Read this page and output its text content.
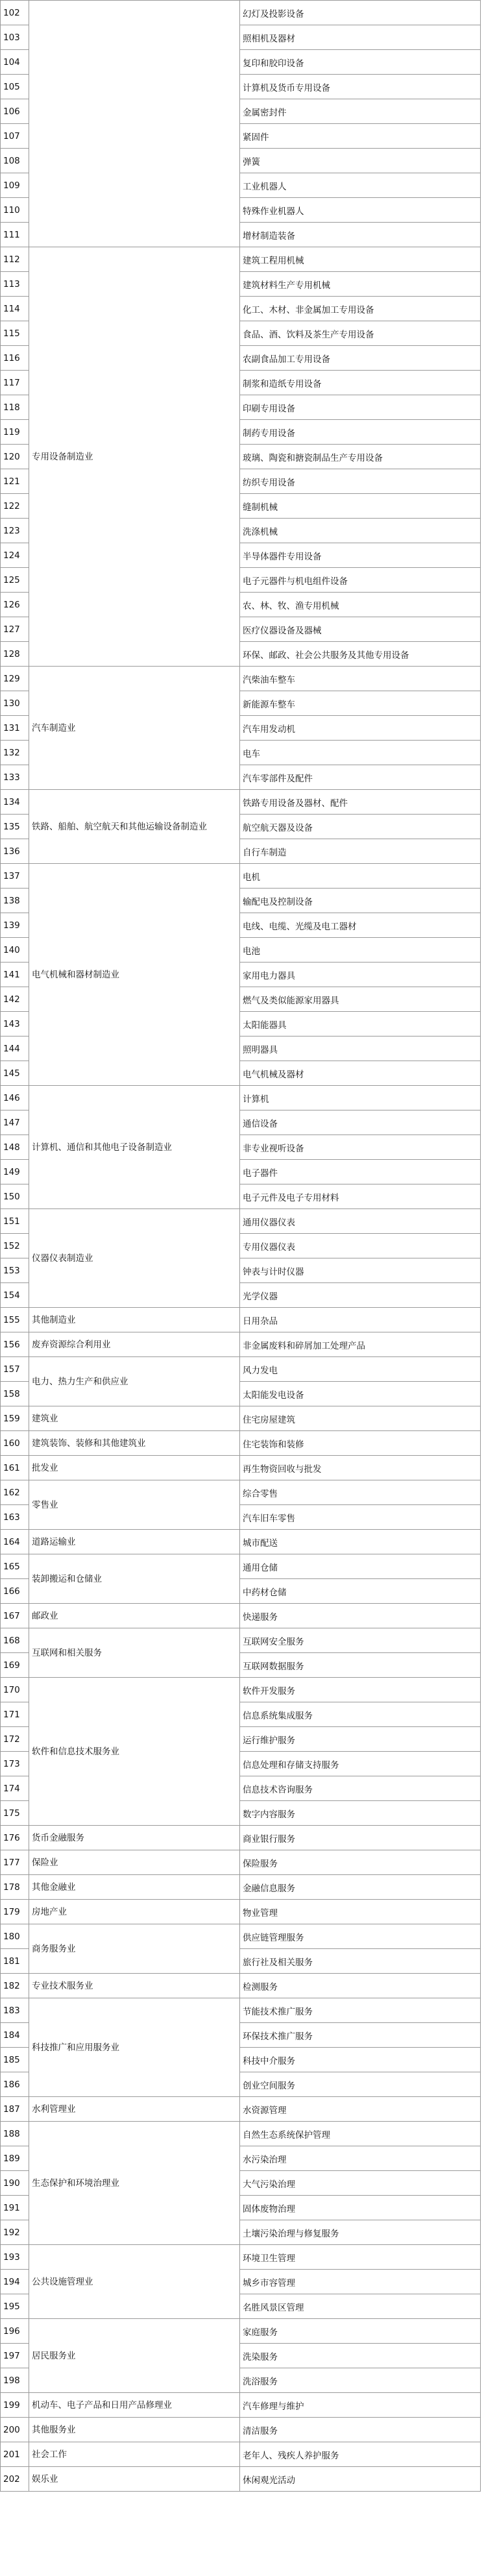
102		幻灯及投影设备
103		照相机及器材
104		复印和胶印设备
105		计算机及货币专用设备
106		金属密封件
107		紧固件
108		弹簧
109		工业机器人
110		特殊作业机器人
111		增材制造装备
112	专用设备制造业	建筑工程用机械
113		建筑材料生产专用机械
114		化工、木材、非金属加工专用设备
115		食品、酒、饮料及茶生产专用设备
116		农副食品加工专用设备
117		制浆和造纸专用设备
118		印刷专用设备
119		制药专用设备
120		玻璃、陶瓷和搪瓷制品生产专用设备
121		纺织专用设备
122		缝制机械
123		洗涤机械
124		半导体器件专用设备
125		电子元器件与机电组件设备
126		农、林、牧、渔专用机械
127		医疗仪器设备及器械
128		环保、邮政、社会公共服务及其他专用设备
129	汽车制造业	汽柴油车整车
130		新能源车整车
131		汽车用发动机
132		电车
133		汽车零部件及配件
134	铁路、船舶、航空航天和其他运输设备制造业	铁路专用设备及器材、配件
135		航空航天器及设备
136		自行车制造
137	电气机械和器材制造业	电机
138		输配电及控制设备
139		电线、电缆、光缆及电工器材
140		电池
141		家用电力器具
142		燃气及类似能源家用器具
143		太阳能器具
144		照明器具
145		电气机械及器材
146	计算机、通信和其他电子设备制造业	计算机
147		通信设备
148		非专业视听设备
149		电子器件
150		电子元件及电子专用材料
151	仪器仪表制造业	通用仪器仪表
152		专用仪器仪表
153		钟表与计时仪器
154		光学仪器
155	其他制造业	日用杂品
156	废弃资源综合利用业	非金属废料和碎屑加工处理产品
157	电力、热力生产和供应业	风力发电
158		太阳能发电设备
159	建筑业	住宅房屋建筑
160	建筑装饰、装修和其他建筑业	住宅装饰和装修
161	批发业	再生物资回收与批发
162	零售业	综合零售
163		汽车旧车零售
164	道路运输业	城市配送
165	装卸搬运和仓储业	通用仓储
166		中药材仓储
167	邮政业	快递服务
168	互联网和相关服务	互联网安全服务
169		互联网数据服务
170	软件和信息技术服务业	软件开发服务
171		信息系统集成服务
172		运行维护服务
173		信息处理和存储支持服务
174		信息技术咨询服务
175		数字内容服务
176	货币金融服务	商业银行服务
177	保险业	保险服务
178	其他金融业	金融信息服务
179	房地产业	物业管理
180	商务服务业	供应链管理服务
181		旅行社及相关服务
182	专业技术服务业	检测服务
183	科技推广和应用服务业	节能技术推广服务
184		环保技术推广服务
185		科技中介服务
186		创业空间服务
187	水利管理业	水资源管理
188	生态保护和环境治理业	自然生态系统保护管理
189		水污染治理
190		大气污染治理
191		固体废物治理
192		土壤污染治理与修复服务
193	公共设施管理业	环境卫生管理
194		城乡市容管理
195		名胜风景区管理
196	居民服务业	家庭服务
197		洗染服务
198		洗浴服务
199	机动车、电子产品和日用产品修理业	汽车修理与维护
200	其他服务业	清洁服务
201	社会工作	老年人、残疾人养护服务
202	娱乐业	休闲观光活动
